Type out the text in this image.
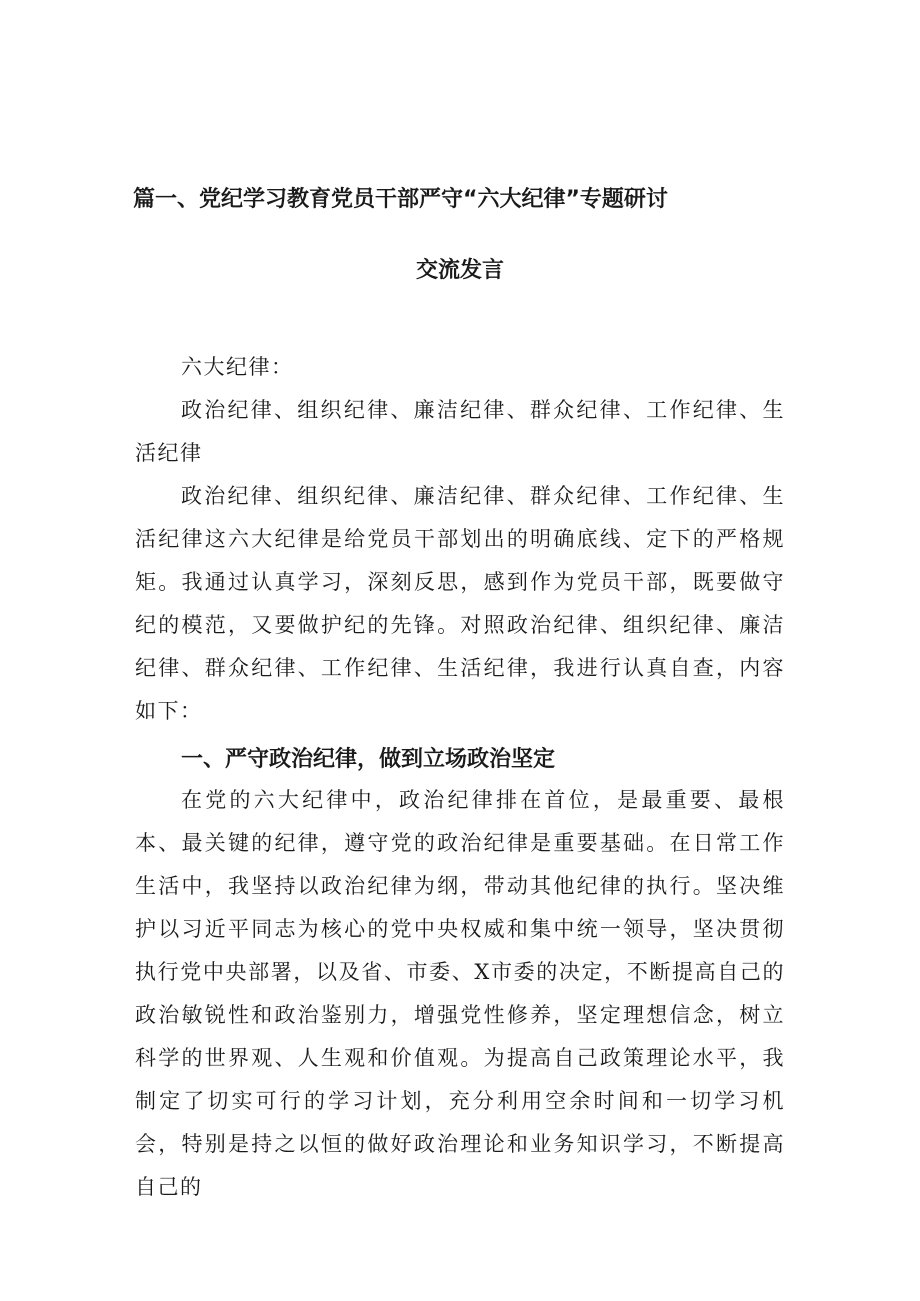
篇一、党纪学习教育党员干部严守“六大纪律”专题研讨
交流发言
六大纪律：
政治纪律、组织纪律、廉洁纪律、群众纪律、工作纪律、生活纪律
政治纪律、组织纪律、廉洁纪律、群众纪律、工作纪律、生活纪律这六大纪律是给党员干部划出的明确底线、定下的严格规矩。我通过认真学习，深刻反思，感到作为党员干部，既要做守纪的模范，又要做护纪的先锋。对照政治纪律、组织纪律、廉洁纪律、群众纪律、工作纪律、生活纪律，我进行认真自查，内容如下：
一、严守政治纪律，做到立场政治坚定
在党的六大纪律中，政治纪律排在首位，是最重要、最根本、最关键的纪律，遵守党的政治纪律是重要基础。在日常工作生活中，我坚持以政治纪律为纲，带动其他纪律的执行。坚决维护以习近平同志为核心的党中央权威和集中统一领导，坚决贯彻执行党中央部署，以及省、市委、X市委的决定，不断提高自己的政治敏锐性和政治鉴别力，增强党性修养，坚定理想信念，树立科学的世界观、人生观和价值观。为提高自己政策理论水平，我制定了切实可行的学习计划，充分利用空余时间和一切学习机会，特别是持之以恒的做好政治理论和业务知识学习，不断提高自己的
